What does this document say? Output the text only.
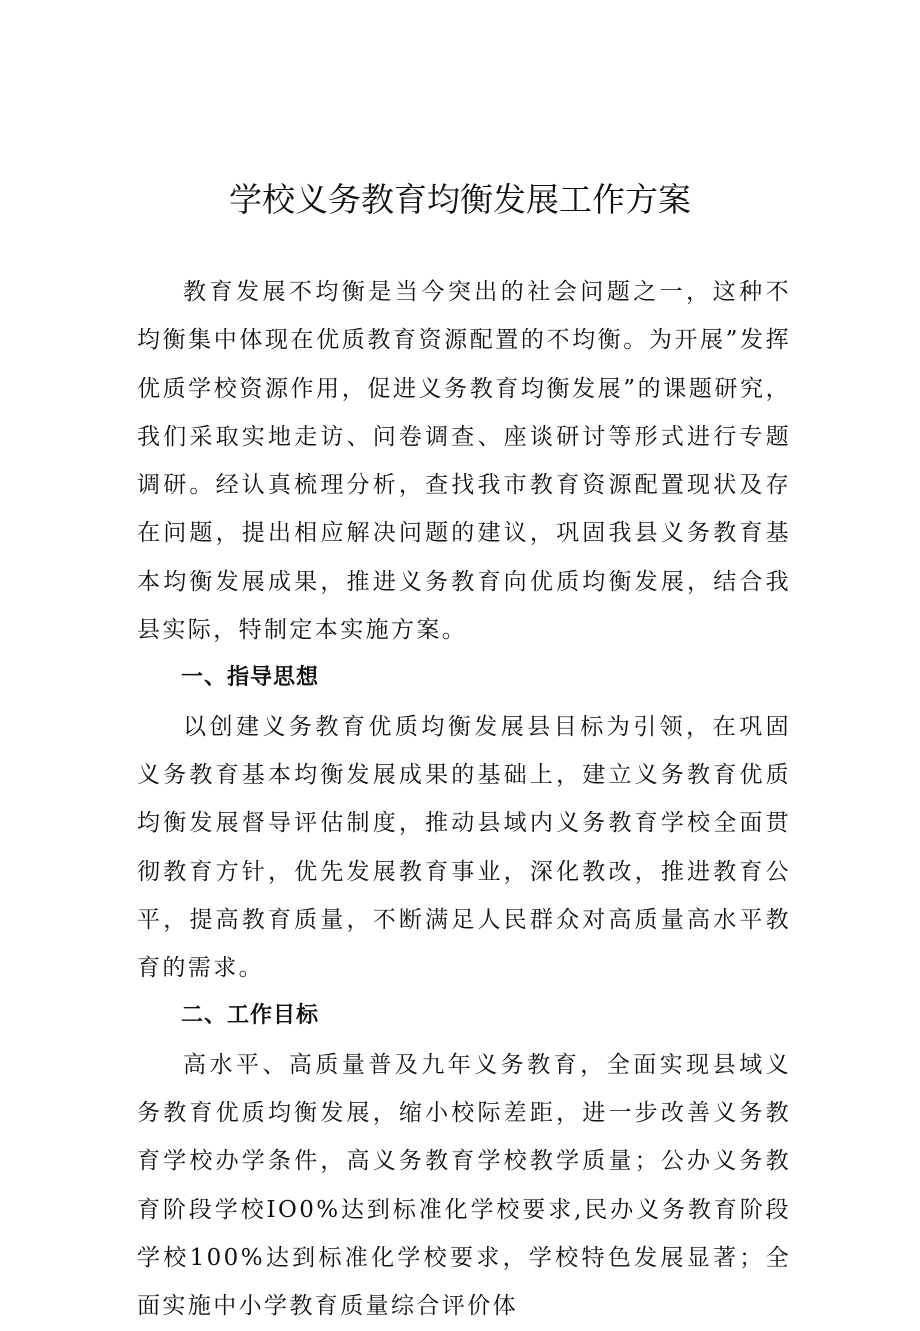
学校义务教育均衡发展工作方案

教育发展不均衡是当今突出的社会问题之一，这种不均衡集中体现在优质教育资源配置的不均衡。为开展”发挥优质学校资源作用，促进义务教育均衡发展”的课题研究，我们采取实地走访、问卷调查、座谈研讨等形式进行专题调研。经认真梳理分析，查找我市教育资源配置现状及存在问题，提出相应解决问题的建议，巩固我县义务教育基本均衡发展成果，推进义务教育向优质均衡发展，结合我县实际，特制定本实施方案。

一、指导思想

以创建义务教育优质均衡发展县目标为引领，在巩固义务教育基本均衡发展成果的基础上，建立义务教育优质均衡发展督导评估制度，推动县域内义务教育学校全面贯彻教育方针，优先发展教育事业，深化教改，推进教育公平，提高教育质量，不断满足人民群众对高质量高水平教育的需求。

二、工作目标

高水平、高质量普及九年义务教育，全面实现县域义务教育优质均衡发展，缩小校际差距，进一步改善义务教育学校办学条件，高义务教育学校教学质量；公办义务教育阶段学校IO0%达到标准化学校要求,民办义务教育阶段学校100%达到标准化学校要求，学校特色发展显著；全面实施中小学教育质量综合评价体
